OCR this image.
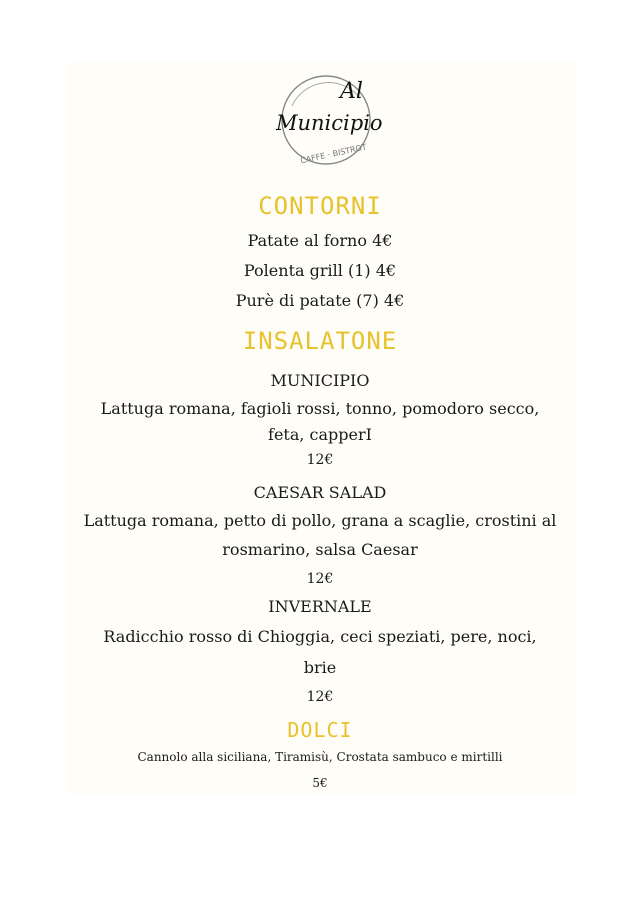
Al
Municipio
CAFFE · BISTROT
CONTORNI
Patate al forno 4€
Polenta grill (1) 4€
Purè di patate (7) 4€
INSALATONE
MUNICIPIO
Lattuga romana, fagioli rossi, tonno, pomodoro secco,
feta, capperI
12€
CAESAR SALAD
Lattuga romana, petto di pollo, grana a scaglie, crostini al
rosmarino, salsa Caesar
12€
INVERNALE
Radicchio rosso di Chioggia, ceci speziati, pere, noci,
brie
12€
DOLCI
Cannolo alla siciliana, Tiramisù, Crostata sambuco e mirtilli
5€
